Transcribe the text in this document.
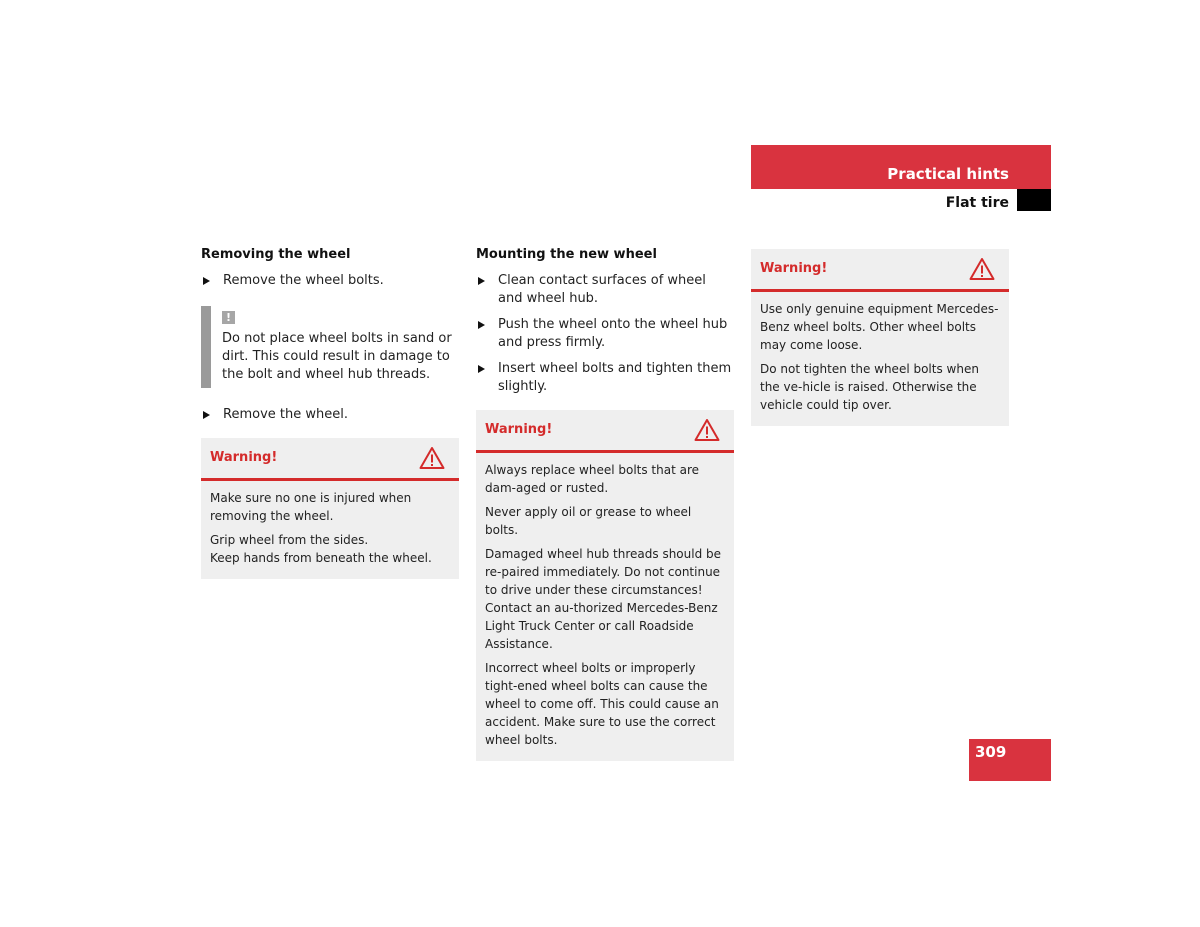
Practical hints
Flat tire
Removing the wheel
Remove the wheel bolts.
!

Do not place wheel bolts in sand or dirt. This could result in damage to the bolt and wheel hub threads.

Remove the wheel.
Warning!

Make sure no one is injured when removing the wheel.

Grip wheel from the sides.
Keep hands from beneath the wheel.

Mounting the new wheel
Clean contact surfaces of wheel and wheel hub.
Push the wheel onto the wheel hub and press firmly.
Insert wheel bolts and tighten them slightly.
Warning!

Always replace wheel bolts that are dam-aged or rusted.

Never apply oil or grease to wheel bolts.

Damaged wheel hub threads should be re-paired immediately. Do not continue to drive under these circumstances! Contact an au-thorized Mercedes-Benz Light Truck Center or call Roadside Assistance.

Incorrect wheel bolts or improperly tight-ened wheel bolts can cause the wheel to come off. This could cause an accident. Make sure to use the correct wheel bolts.

Warning!

Use only genuine equipment Mercedes-Benz wheel bolts. Other wheel bolts may come loose.

Do not tighten the wheel bolts when the ve-hicle is raised. Otherwise the vehicle could tip over.

309
